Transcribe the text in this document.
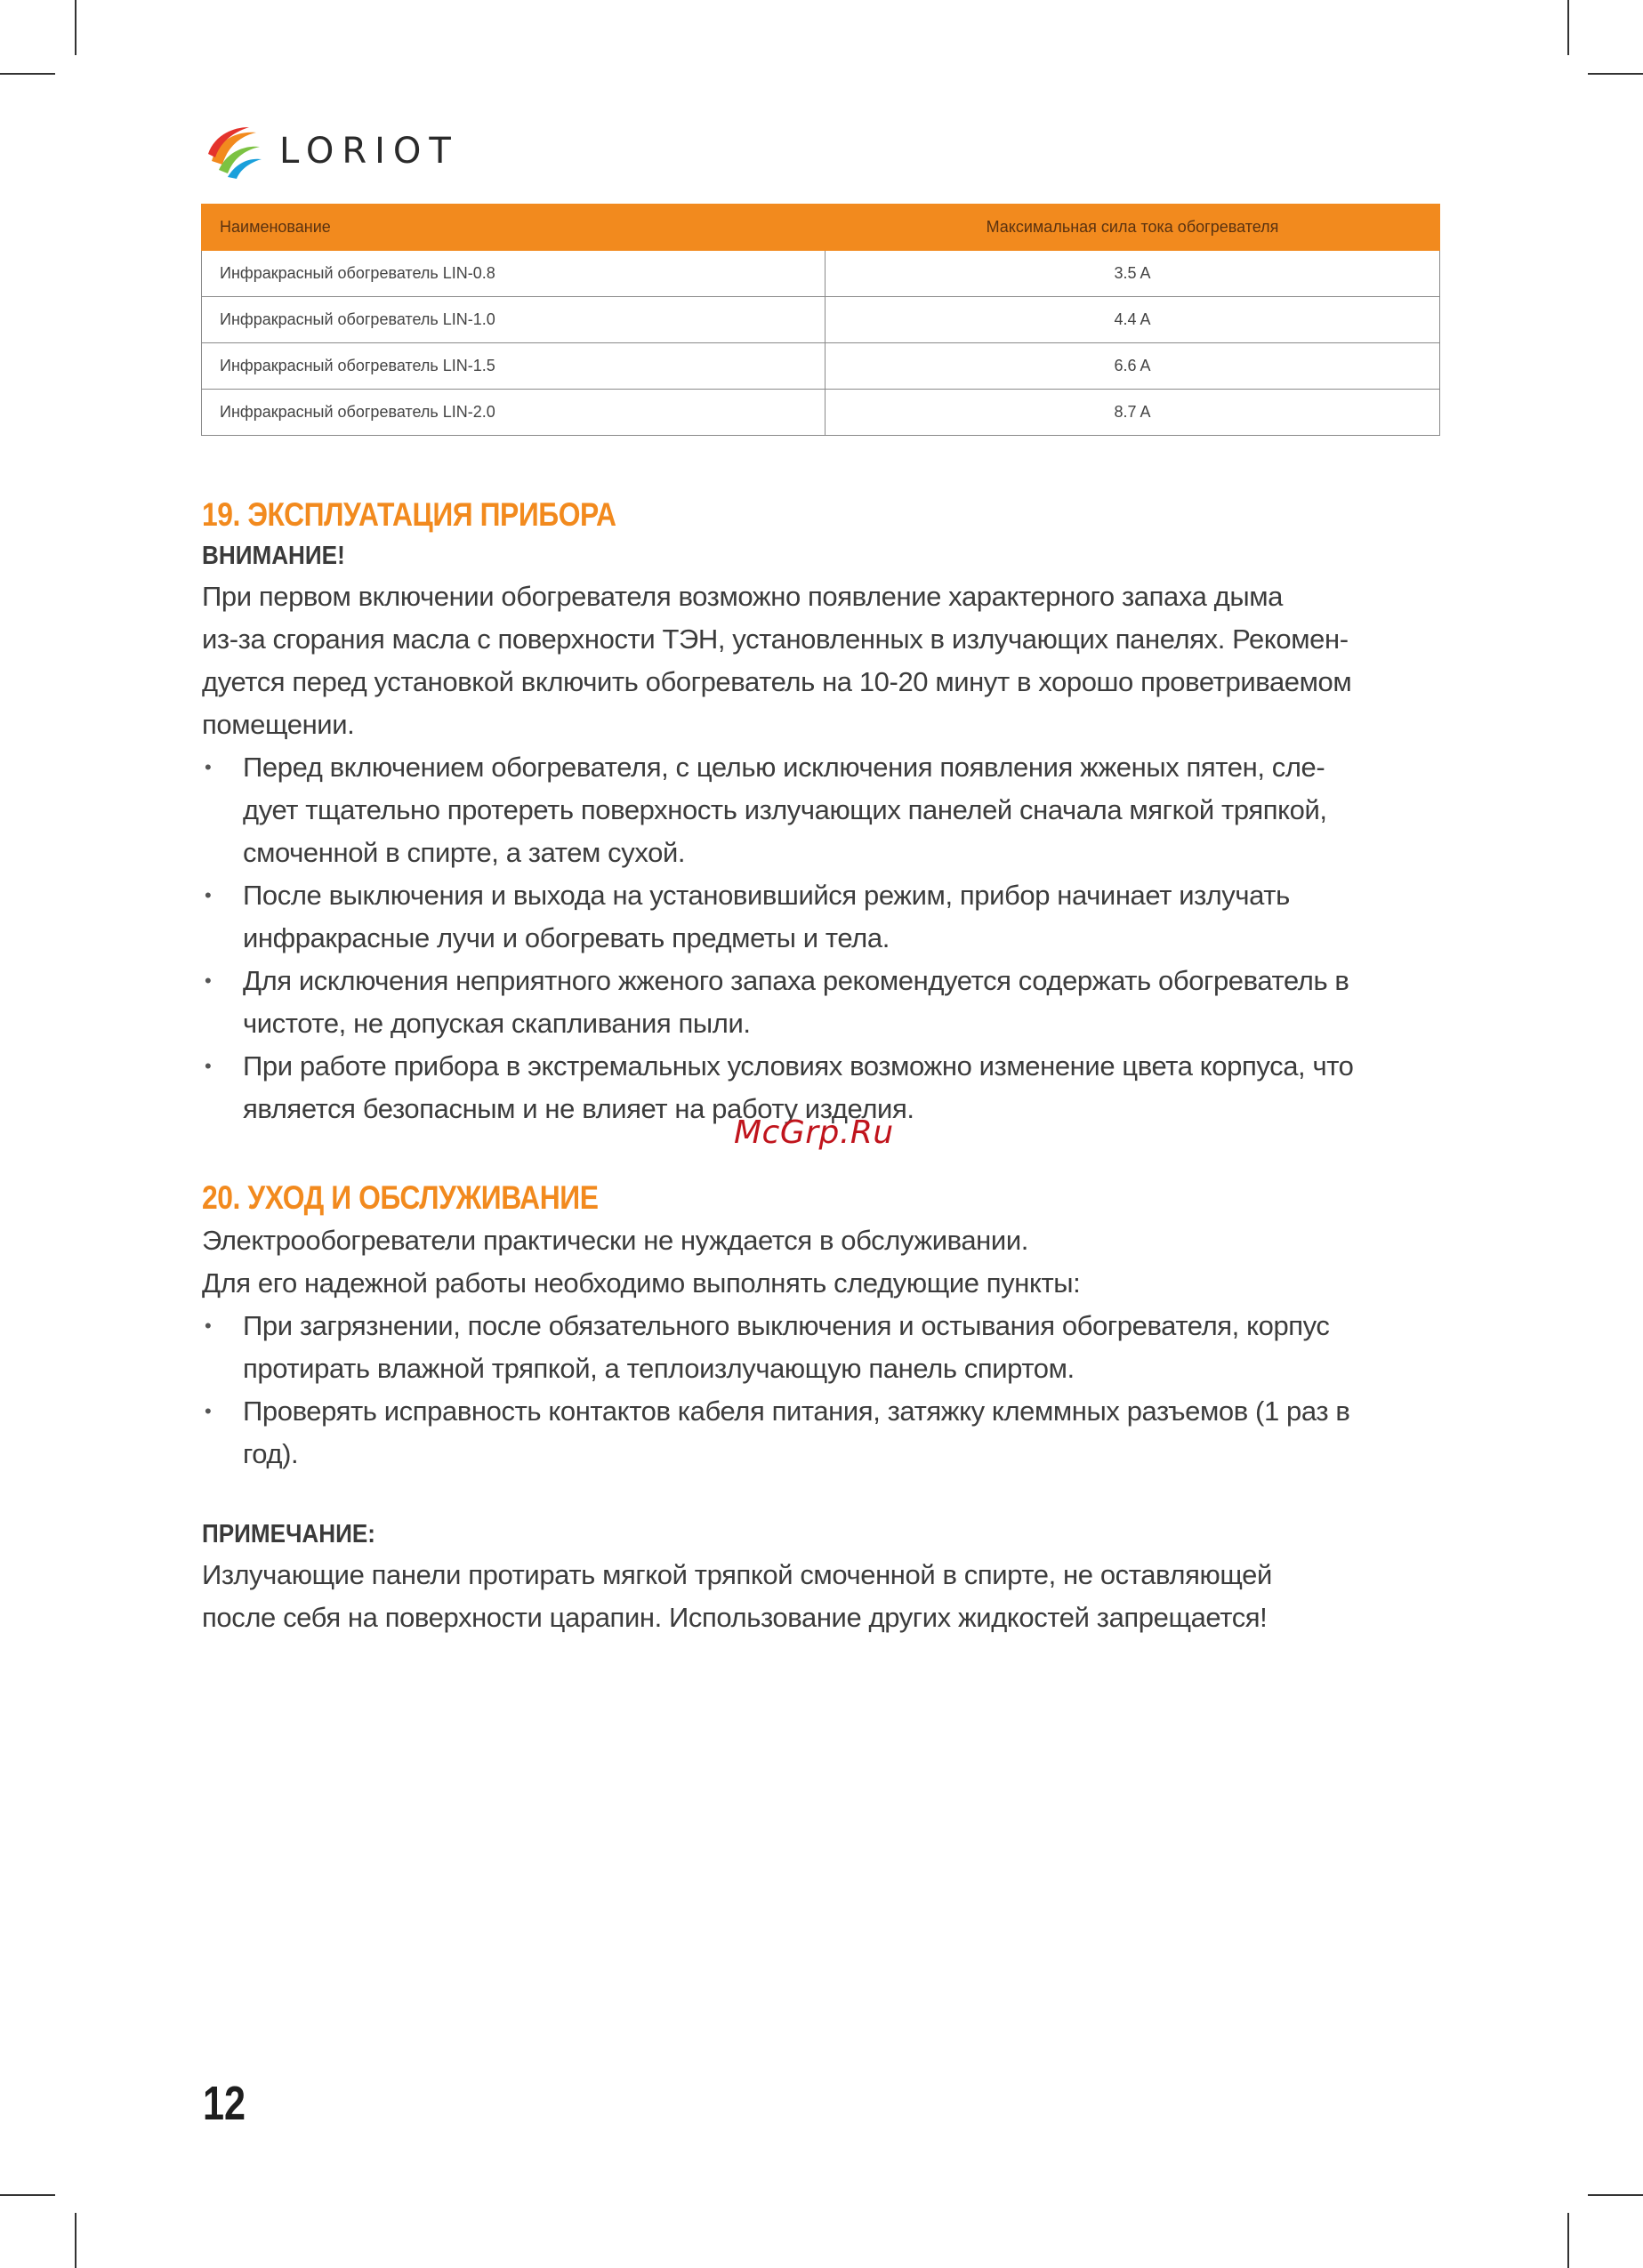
LORIOT
Наименование	Максимальная сила тока обогревателя
Инфракрасный обогреватель LIN-0.8	3.5 A
Инфракрасный обогреватель LIN-1.0	4.4 A
Инфракрасный обогреватель LIN-1.5	6.6 A
Инфракрасный обогреватель LIN-2.0	8.7 A
19. ЭКСПЛУАТАЦИЯ ПРИБОРА
ВНИМАНИЕ!

При первом включении обогревателя возможно появление характерного запаха дыма
из-за сгорания масла с поверхности ТЭН, установленных в излучающих панелях. Рекомен-
дуется перед установкой включить обогреватель на 10-20 минут в хорошо проветриваемом
помещении.

• Перед включением обогревателя, с целью исключения появления жженых пятен, сле-
дует тщательно протереть поверхность излучающих панелей сначала мягкой тряпкой,
смоченной в спирте, а затем сухой.
• После выключения и выхода на установившийся режим, прибор начинает излучать
инфракрасные лучи и обогревать предметы и тела.
• Для исключения неприятного жженого запаха рекомендуется содержать обогреватель в
чистоте, не допуская скапливания пыли.
• При работе прибора в экстремальных условиях возможно изменение цвета корпуса, что
является безопасным и не влияет на работу изделия.
20. УХОД И ОБСЛУЖИВАНИЕ

Электрообогреватели практически не нуждается в обслуживании.
Для его надежной работы необходимо выполнять следующие пункты:

• При загрязнении, после обязательного выключения и остывания обогревателя, корпус
протирать влажной тряпкой, а теплоизлучающую панель спиртом.
• Проверять исправность контактов кабеля питания, затяжку клеммных разъемов (1 раз в
год).
ПРИМЕЧАНИЕ:

Излучающие панели протирать мягкой тряпкой смоченной в спирте, не оставляющей
после себя на поверхности царапин. Использование других жидкостей запрещается!

McGrp.Ru
12
